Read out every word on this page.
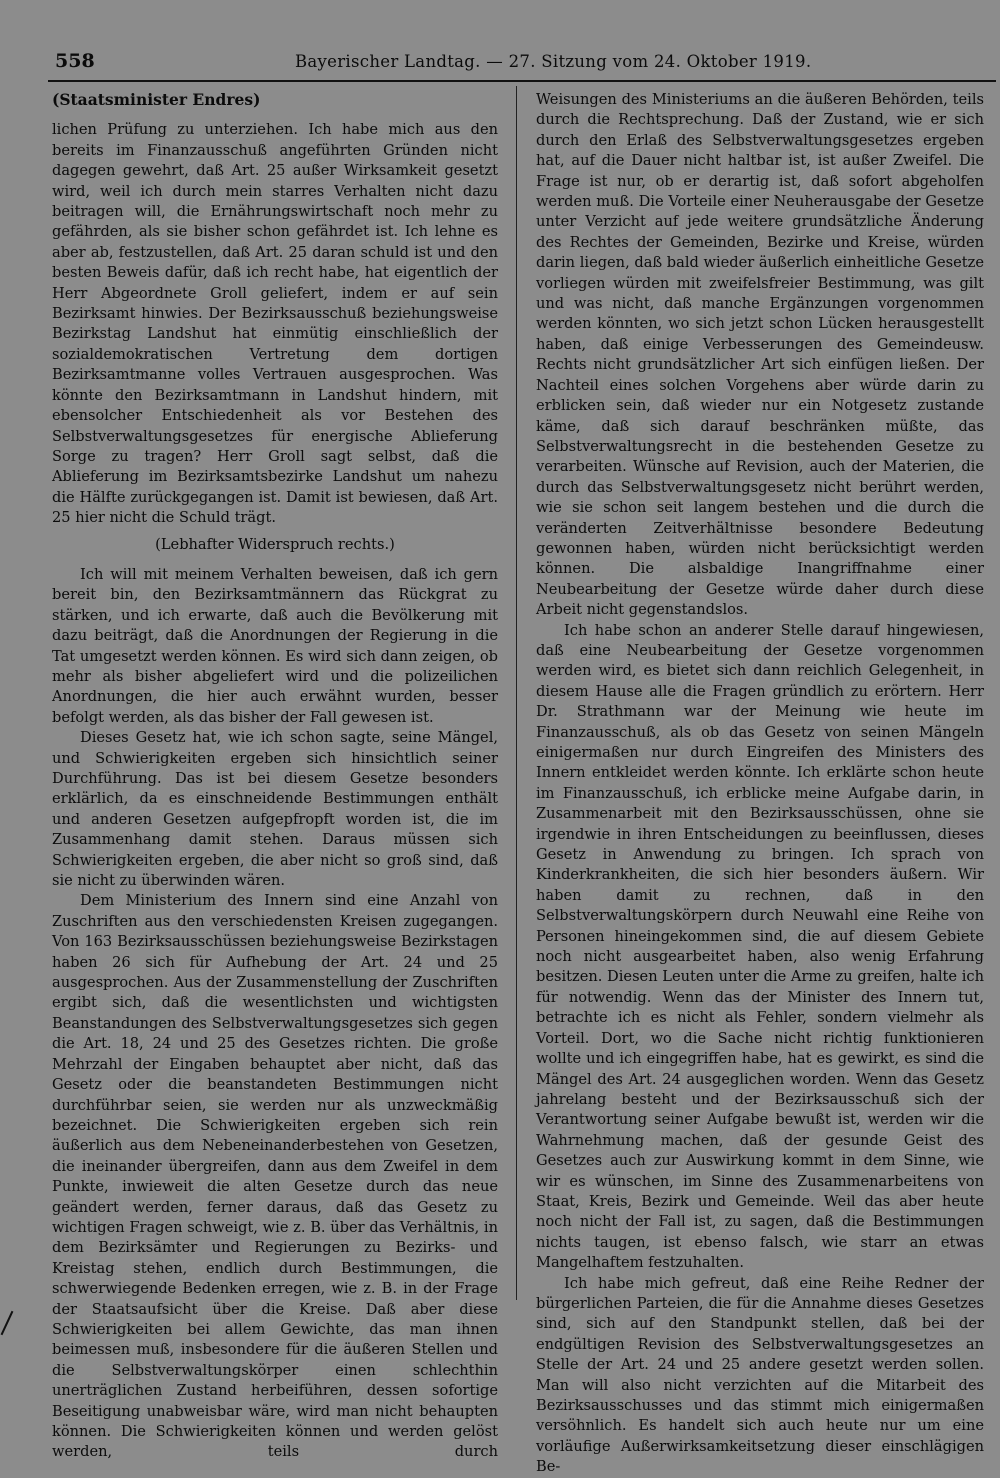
558	Bayerischer Landtag. — 27. Sitzung vom 24. Oktober 1919.
(Staatsminister Endres)

lichen Prüfung zu unterziehen. Ich habe mich aus den bereits im Finanzausschuß angeführten Gründen nicht dagegen gewehrt, daß Art. 25 außer Wirksamkeit gesetzt wird, weil ich durch mein starres Verhalten nicht dazu beitragen will, die Ernährungswirtschaft noch mehr zu gefährden, als sie bisher schon gefährdet ist. Ich lehne es aber ab, festzustellen, daß Art. 25 daran schuld ist und den besten Beweis dafür, daß ich recht habe, hat eigentlich der Herr Abgeordnete Groll geliefert, indem er auf sein Bezirksamt hinwies. Der Bezirksausschuß beziehungsweise Bezirkstag Landshut hat einmütig einschließlich der sozialdemokratischen Vertretung dem dortigen Bezirksamtmanne volles Vertrauen ausgesprochen. Was könnte den Bezirksamtmann in Landshut hindern, mit ebensolcher Entschiedenheit als vor Bestehen des Selbstverwaltungsgesetzes für energische Ablieferung Sorge zu tragen? Herr Groll sagt selbst, daß die Ablieferung im Bezirksamtsbezirke Landshut um nahezu die Hälfte zurückgegangen ist. Damit ist bewiesen, daß Art. 25 hier nicht die Schuld trägt.

(Lebhafter Widerspruch rechts.)

Ich will mit meinem Verhalten beweisen, daß ich gern bereit bin, den Bezirksamtmännern das Rückgrat zu stärken, und ich erwarte, daß auch die Bevölkerung mit dazu beiträgt, daß die Anordnungen der Regierung in die Tat umgesetzt werden können. Es wird sich dann zeigen, ob mehr als bisher abgeliefert wird und die polizeilichen Anordnungen, die hier auch erwähnt wurden, besser befolgt werden, als das bisher der Fall gewesen ist.

Dieses Gesetz hat, wie ich schon sagte, seine Mängel, und Schwierigkeiten ergeben sich hinsichtlich seiner Durchführung. Das ist bei diesem Gesetze besonders erklärlich, da es einschneidende Bestimmungen enthält und anderen Gesetzen aufgepfropft worden ist, die im Zusammenhang damit stehen. Daraus müssen sich Schwierigkeiten ergeben, die aber nicht so groß sind, daß sie nicht zu überwinden wären.

Dem Ministerium des Innern sind eine Anzahl von Zuschriften aus den verschiedensten Kreisen zugegangen. Von 163 Bezirksausschüssen beziehungsweise Bezirkstagen haben 26 sich für Aufhebung der Art. 24 und 25 ausgesprochen. Aus der Zusammenstellung der Zuschriften ergibt sich, daß die wesentlichsten und wichtigsten Beanstandungen des Selbstverwaltungsgesetzes sich gegen die Art. 18, 24 und 25 des Gesetzes richten. Die große Mehrzahl der Eingaben behauptet aber nicht, daß das Gesetz oder die beanstandeten Bestimmungen nicht durchführbar seien, sie werden nur als unzweckmäßig bezeichnet. Die Schwierigkeiten ergeben sich rein äußerlich aus dem Nebeneinanderbestehen von Gesetzen, die ineinander übergreifen, dann aus dem Zweifel in dem Punkte, inwieweit die alten Gesetze durch das neue geändert werden, ferner daraus, daß das Gesetz zu wichtigen Fragen schweigt, wie z. B. über das Verhältnis, in dem Bezirksämter und Regierungen zu Bezirks- und Kreistag stehen, endlich durch Bestimmungen, die schwerwiegende Bedenken erregen, wie z. B. in der Frage der Staatsaufsicht über die Kreise. Daß aber diese Schwierigkeiten bei allem Gewichte, das man ihnen beimessen muß, insbesondere für die äußeren Stellen und die Selbstverwaltungskörper einen schlechthin unerträglichen Zustand herbeiführen, dessen sofortige Beseitigung unabweisbar wäre, wird man nicht behaupten können. Die Schwierigkeiten können und werden gelöst werden, teils durch

Weisungen des Ministeriums an die äußeren Behörden, teils durch die Rechtsprechung. Daß der Zustand, wie er sich durch den Erlaß des Selbstverwaltungsgesetzes ergeben hat, auf die Dauer nicht haltbar ist, ist außer Zweifel. Die Frage ist nur, ob er derartig ist, daß sofort abgeholfen werden muß. Die Vorteile einer Neuherausgabe der Gesetze unter Verzicht auf jede weitere grundsätzliche Änderung des Rechtes der Gemeinden, Bezirke und Kreise, würden darin liegen, daß bald wieder äußerlich einheitliche Gesetze vorliegen würden mit zweifelsfreier Bestimmung, was gilt und was nicht, daß manche Ergänzungen vorgenommen werden könnten, wo sich jetzt schon Lücken herausgestellt haben, daß einige Verbesserungen des Gemeindeusw. Rechts nicht grundsätzlicher Art sich einfügen ließen. Der Nachteil eines solchen Vorgehens aber würde darin zu erblicken sein, daß wieder nur ein Notgesetz zustande käme, daß sich darauf beschränken müßte, das Selbstverwaltungsrecht in die bestehenden Gesetze zu verarbeiten. Wünsche auf Revision, auch der Materien, die durch das Selbstverwaltungsgesetz nicht berührt werden, wie sie schon seit langem bestehen und die durch die veränderten Zeitverhältnisse besondere Bedeutung gewonnen haben, würden nicht berücksichtigt werden können. Die alsbaldige Inangriffnahme einer Neubearbeitung der Gesetze würde daher durch diese Arbeit nicht gegenstandslos.

Ich habe schon an anderer Stelle darauf hingewiesen, daß eine Neubearbeitung der Gesetze vorgenommen werden wird, es bietet sich dann reichlich Gelegenheit, in diesem Hause alle die Fragen gründlich zu erörtern. Herr Dr. Strathmann war der Meinung wie heute im Finanzausschuß, als ob das Gesetz von seinen Mängeln einigermaßen nur durch Eingreifen des Ministers des Innern entkleidet werden könnte. Ich erklärte schon heute im Finanzausschuß, ich erblicke meine Aufgabe darin, in Zusammenarbeit mit den Bezirksausschüssen, ohne sie irgendwie in ihren Entscheidungen zu beeinflussen, dieses Gesetz in Anwendung zu bringen. Ich sprach von Kinderkrankheiten, die sich hier besonders äußern. Wir haben damit zu rechnen, daß in den Selbstverwaltungskörpern durch Neuwahl eine Reihe von Personen hineingekommen sind, die auf diesem Gebiete noch nicht ausgearbeitet haben, also wenig Erfahrung besitzen. Diesen Leuten unter die Arme zu greifen, halte ich für notwendig. Wenn das der Minister des Innern tut, betrachte ich es nicht als Fehler, sondern vielmehr als Vorteil. Dort, wo die Sache nicht richtig funktionieren wollte und ich eingegriffen habe, hat es gewirkt, es sind die Mängel des Art. 24 ausgeglichen worden. Wenn das Gesetz jahrelang besteht und der Bezirksausschuß sich der Verantwortung seiner Aufgabe bewußt ist, werden wir die Wahrnehmung machen, daß der gesunde Geist des Gesetzes auch zur Auswirkung kommt in dem Sinne, wie wir es wünschen, im Sinne des Zusammenarbeitens von Staat, Kreis, Bezirk und Gemeinde. Weil das aber heute noch nicht der Fall ist, zu sagen, daß die Bestimmungen nichts taugen, ist ebenso falsch, wie starr an etwas Mangelhaftem festzuhalten.

Ich habe mich gefreut, daß eine Reihe Redner der bürgerlichen Parteien, die für die Annahme dieses Gesetzes sind, sich auf den Standpunkt stellen, daß bei der endgültigen Revision des Selbstverwaltungsgesetzes an Stelle der Art. 24 und 25 andere gesetzt werden sollen. Man will also nicht verzichten auf die Mitarbeit des Bezirksausschusses und das stimmt mich einigermaßen versöhnlich. Es handelt sich auch heute nur um eine vorläufige Außerwirksamkeitsetzung dieser einschlägigen Be-
